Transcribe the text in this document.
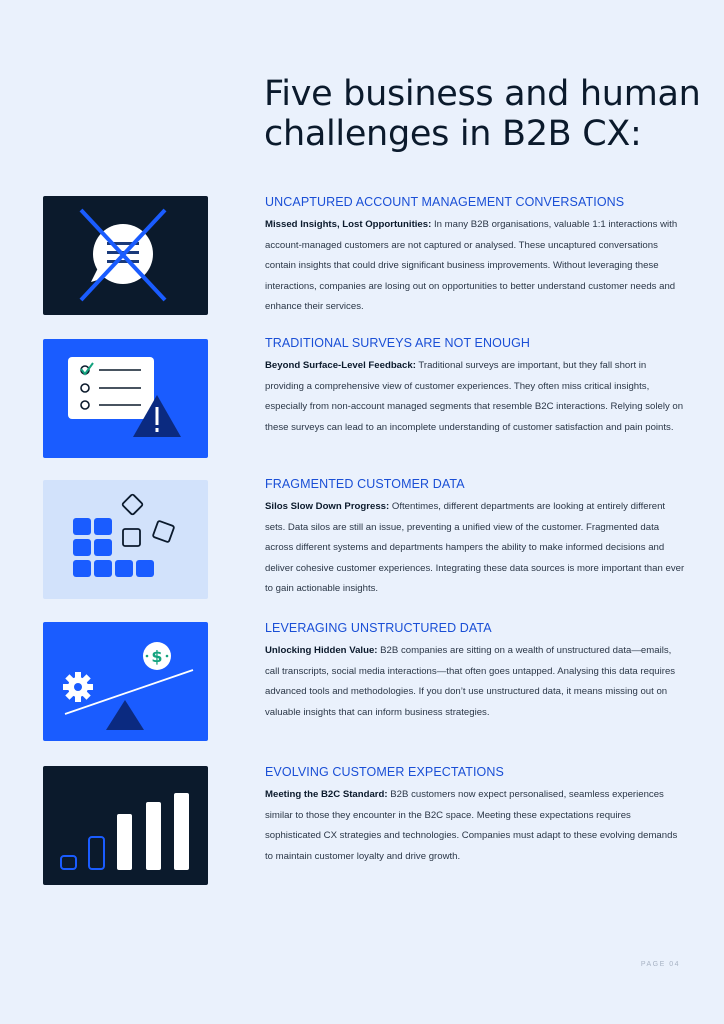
Five business and human challenges in B2B CX:

UNCAPTURED ACCOUNT MANAGEMENT CONVERSATIONS

Missed Insights, Lost Opportunities: In many B2B organisations, valuable 1:1 interactions with account-managed customers are not captured or analysed. These uncaptured conversations contain insights that could drive significant business improvements. Without leveraging these interactions, companies are losing out on opportunities to better understand customer needs and enhance their services.

TRADITIONAL SURVEYS ARE NOT ENOUGH

Beyond Surface-Level Feedback: Traditional surveys are important, but they fall short in providing a comprehensive view of customer experiences. They often miss critical insights, especially from non-account managed segments that resemble B2C interactions. Relying solely on these surveys can lead to an incomplete understanding of customer satisfaction and pain points.

FRAGMENTED CUSTOMER DATA

Silos Slow Down Progress: Oftentimes, different departments are looking at entirely different sets. Data silos are still an issue, preventing a unified view of the customer. Fragmented data across different systems and departments hampers the ability to make informed decisions and deliver cohesive customer experiences. Integrating these data sources is more important than ever to gain actionable insights.

$

LEVERAGING UNSTRUCTURED DATA

Unlocking Hidden Value: B2B companies are sitting on a wealth of unstructured data—emails, call transcripts, social media interactions—that often goes untapped. Analysing this data requires advanced tools and methodologies. If you don’t use unstructured data, it means missing out on valuable insights that can inform business strategies.

EVOLVING CUSTOMER EXPECTATIONS

Meeting the B2C Standard: B2B customers now expect personalised, seamless experiences similar to those they encounter in the B2C space. Meeting these expectations requires sophisticated CX strategies and technologies. Companies must adapt to these evolving demands to maintain customer loyalty and drive growth.

PAGE 04
